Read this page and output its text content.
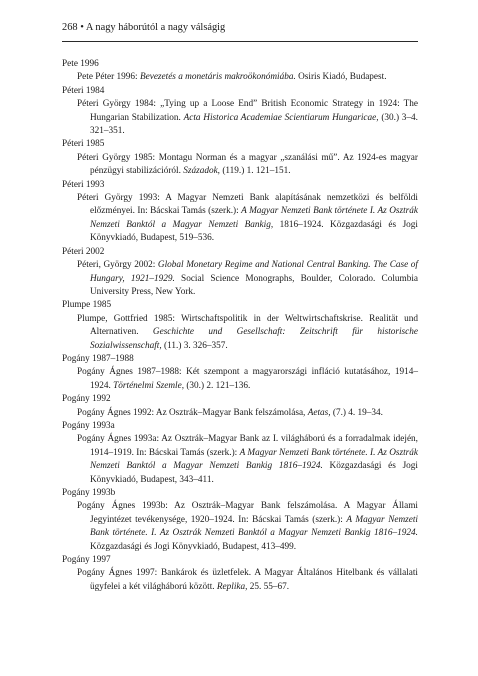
268 • A nagy háborútól a nagy válságig

Pete 1996

Pete Péter 1996: Bevezetés a monetáris makroökonómiába. Osiris Kiadó, Budapest.

Péteri 1984

Péteri György 1984: „Tying up a Loose End” British Economic Strategy in 1924: The Hungarian Stabilization. Acta Historica Academiae Scientiarum Hungaricae, (30.) 3–4. 321–351.

Péteri 1985

Péteri György 1985: Montagu Norman és a magyar „szanálási mű”. Az 1924-es magyar pénzügyi stabilizációról. Századok, (119.) 1. 121–151.

Péteri 1993

Péteri György 1993: A Magyar Nemzeti Bank alapításának nemzetközi és belföldi előzményei. In: Bácskai Tamás (szerk.): A Magyar Nemzeti Bank története I. Az Osztrák Nemzeti Banktól a Magyar Nemzeti Bankig, 1816–1924. Közgazdasági és Jogi Könyvkiadó, Budapest, 519–536.

Péteri 2002

Péteri, György 2002: Global Monetary Regime and National Central Banking. The Case of Hungary, 1921–1929. Social Science Monographs, Boulder, Colorado. Columbia University Press, New York.

Plumpe 1985

Plumpe, Gottfried 1985: Wirtschaftspolitik in der Weltwirtschaftskrise. Realität und Alternativen. Geschichte und Gesellschaft: Zeitschrift für historische Sozialwissenschaft, (11.) 3. 326–357.

Pogány 1987–1988

Pogány Ágnes 1987–1988: Két szempont a magyarországi infláció kutatásához, 1914–1924. Történelmi Szemle, (30.) 2. 121–136.

Pogány 1992

Pogány Ágnes 1992: Az Osztrák–Magyar Bank felszámolása, Aetas, (7.) 4. 19–34.

Pogány 1993a

Pogány Ágnes 1993a: Az Osztrák–Magyar Bank az I. világháború és a forradalmak idején, 1914–1919. In: Bácskai Tamás (szerk.): A Magyar Nemzeti Bank története. I. Az Osztrák Nemzeti Banktól a Magyar Nemzeti Bankig 1816–1924. Közgazdasági és Jogi Könyvkiadó, Budapest, 343–411.

Pogány 1993b

Pogány Ágnes 1993b: Az Osztrák–Magyar Bank felszámolása. A Magyar Állami Jegyintézet tevékenysége, 1920–1924. In: Bácskai Tamás (szerk.): A Magyar Nemzeti Bank története. I. Az Osztrák Nemzeti Banktól a Magyar Nemzeti Bankig 1816–1924. Közgazdasági és Jogi Könyvkiadó, Budapest, 413–499.

Pogány 1997

Pogány Ágnes 1997: Bankárok és üzletfelek. A Magyar Általános Hitelbank és vállalati ügyfelei a két világháború között. Replika, 25. 55–67.
